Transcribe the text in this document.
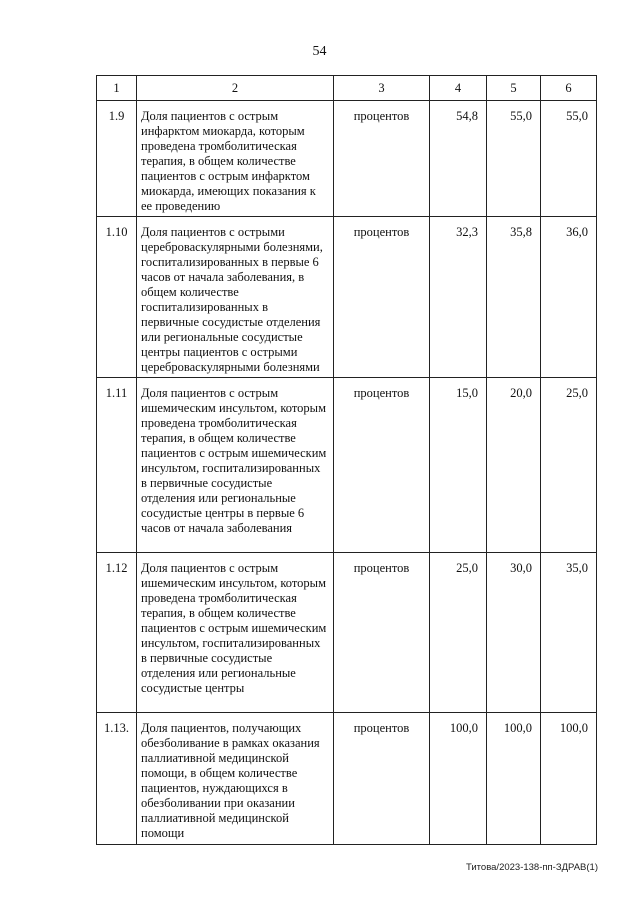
54
1	2	3	4	5	6
1.9	Доля пациентов с острым инфарктом миокарда, которым проведена тромболитическая терапия, в общем количестве пациентов с острым инфарктом миокарда, имеющих показания к ее проведению	процентов	54,8	55,0	55,0
1.10	Доля пациентов с острыми цереброваскулярными болезнями, госпитализированных в первые 6 часов от начала заболевания, в общем количестве госпитализированных в первичные сосудистые отделения или региональные сосудистые центры пациентов с острыми цереброваскулярными болезнями	процентов	32,3	35,8	36,0
1.11	Доля пациентов с острым ишемическим инсультом, которым проведена тромболитическая терапия, в общем количестве пациентов с острым ишемическим инсультом, госпитализированных в первичные сосудистые отделения или региональные сосудистые центры в первые 6 часов от начала заболевания	процентов	15,0	20,0	25,0
1.12	Доля пациентов с острым ишемическим инсультом, которым проведена тромболитическая терапия, в общем количестве пациентов с острым ишемическим инсультом, госпитализированных в первичные сосудистые отделения или региональные сосудистые центры	процентов	25,0	30,0	35,0
1.13.	Доля пациентов, получающих обезболивание в рамках оказания паллиативной медицинской помощи, в общем количестве пациентов, нуждающихся в обезболивании при оказании паллиативной медицинской помощи	процентов	100,0	100,0	100,0
Титова/2023-138-пп-ЗДРАВ(1)
